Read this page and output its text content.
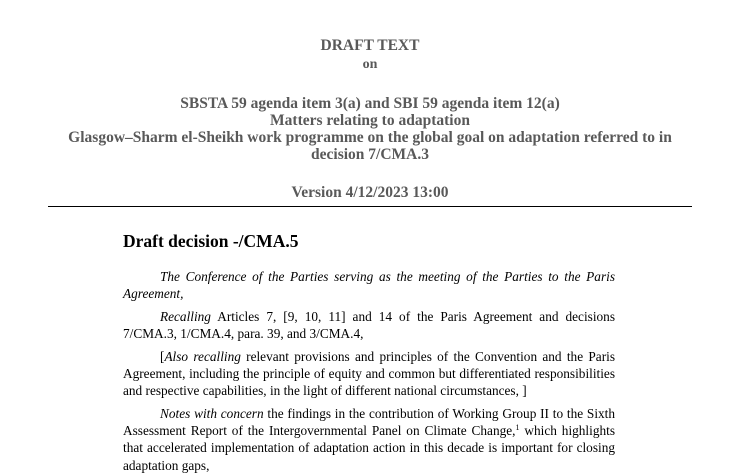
DRAFT TEXT
on
SBSTA 59 agenda item 3(a) and SBI 59 agenda item 12(a)
Matters relating to adaptation
Glasgow–Sharm el-Sheikh work programme on the global goal on adaptation referred to in
decision 7/CMA.3
Version 4/12/2023 13:00
Draft decision -/CMA.5
The Conference of the Parties serving as the meeting of the Parties to the Paris Agreement,
Recalling Articles 7, [9, 10, 11] and 14 of the Paris Agreement and decisions 7/CMA.3, 1/CMA.4, para. 39, and 3/CMA.4,
[Also recalling relevant provisions and principles of the Convention and the Paris Agreement, including the principle of equity and common but differentiated responsibilities and respective capabilities, in the light of different national circumstances, ]
Notes with concern the findings in the contribution of Working Group II to the Sixth Assessment Report of the Intergovernmental Panel on Climate Change,$^1$ which highlights that accelerated implementation of adaptation action in this decade is important for closing adaptation gaps,
